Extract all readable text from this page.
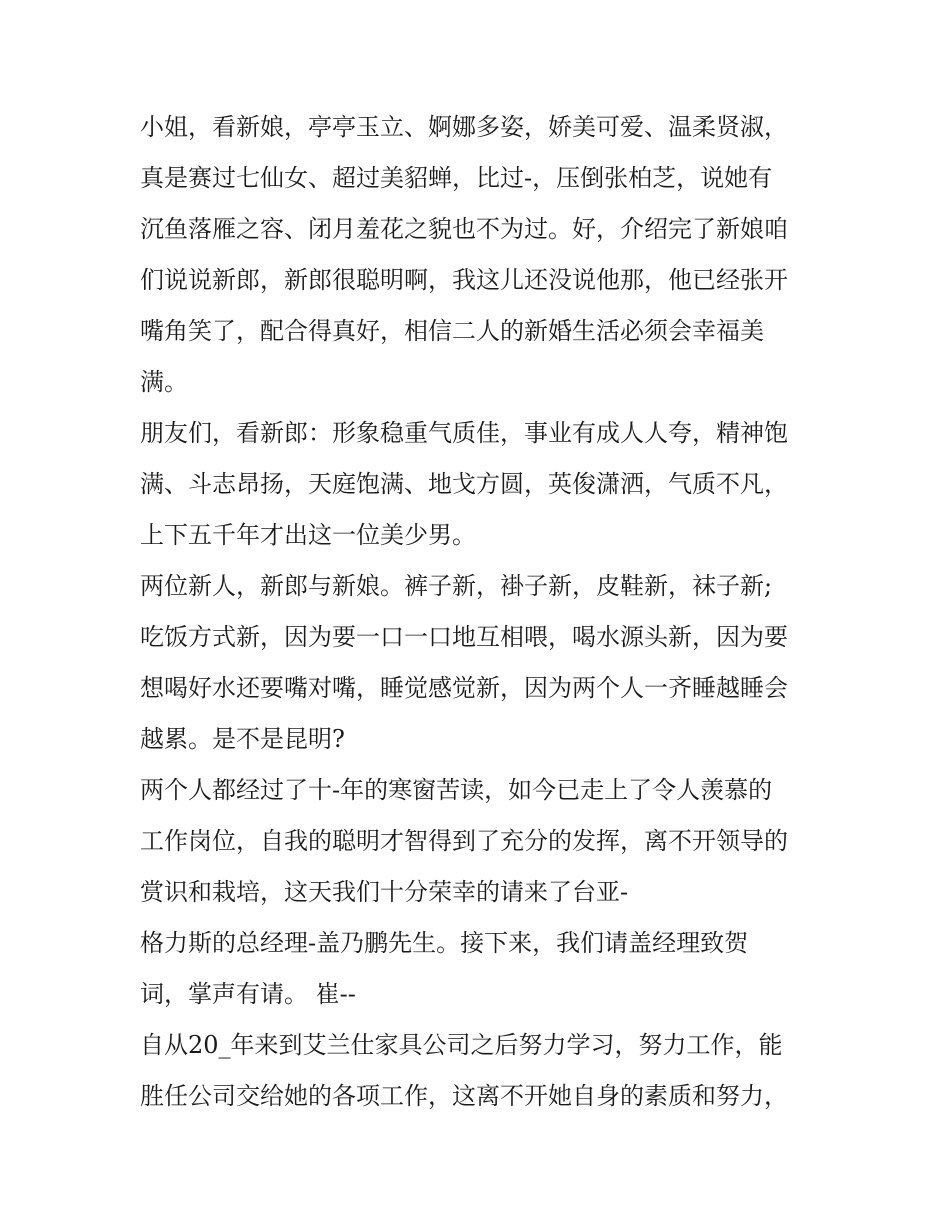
小姐，看新娘，亭亭玉立、婀娜多姿，娇美可爱、温柔贤淑，
真是赛过七仙女、超过美貂蝉，比过-，压倒张柏芝，说她有
沉鱼落雁之容、闭月羞花之貌也不为过。好，介绍完了新娘咱
们说说新郎，新郎很聪明啊，我这儿还没说他那，他已经张开
嘴角笑了，配合得真好，相信二人的新婚生活必须会幸福美
满。
朋友们，看新郎：形象稳重气质佳，事业有成人人夸，精神饱
满、斗志昂扬，天庭饱满、地戈方圆，英俊潇洒，气质不凡，
上下五千年才出这一位美少男。
两位新人，新郎与新娘。裤子新，褂子新，皮鞋新，袜子新;
吃饭方式新，因为要一口一口地互相喂，喝水源头新，因为要
想喝好水还要嘴对嘴，睡觉感觉新，因为两个人一齐睡越睡会
越累。是不是昆明?
两个人都经过了十-年的寒窗苦读，如今已走上了令人羡慕的
工作岗位，自我的聪明才智得到了充分的发挥，离不开领导的
赏识和栽培，这天我们十分荣幸的请来了台亚-
格力斯的总经理-盖乃鹏先生。接下来，我们请盖经理致贺
词，掌声有请。 崔--
自从20_年来到艾兰仕家具公司之后努力学习，努力工作，能
胜任公司交给她的各项工作，这离不开她自身的素质和努力，
